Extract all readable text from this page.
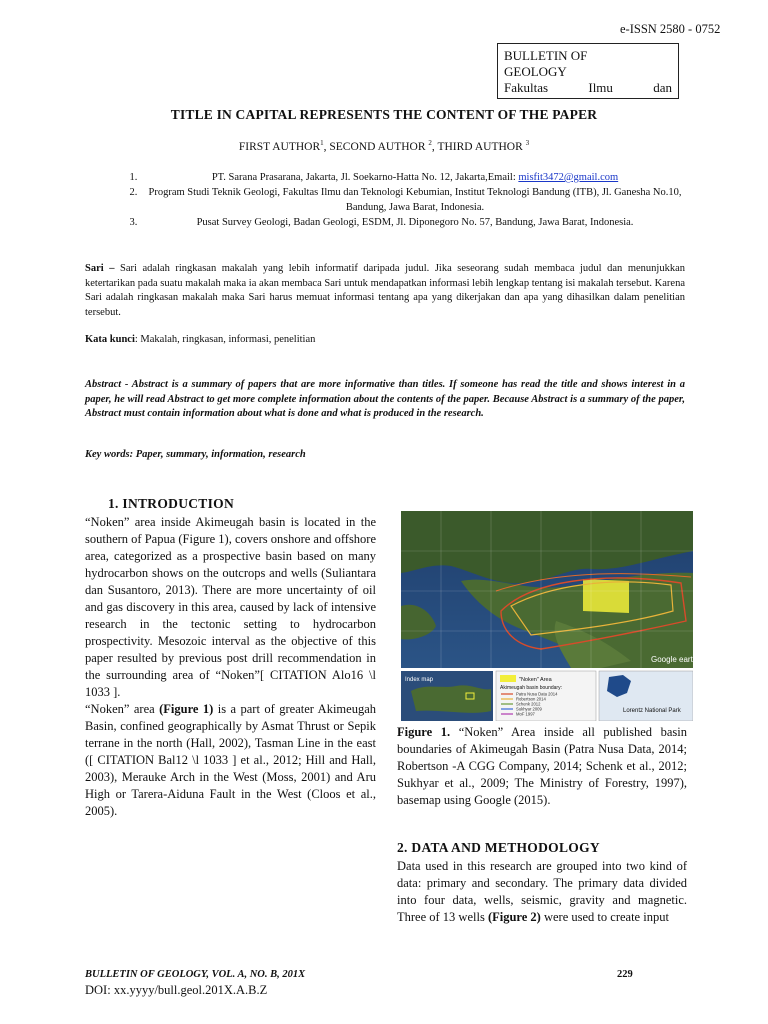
e-ISSN 2580 - 0752
BULLETIN OF
GEOLOGY
Fakultas	Ilmu	dan
TITLE IN CAPITAL REPRESENTS THE CONTENT OF THE PAPER
FIRST AUTHOR$^1$, SECOND AUTHOR $^2$, THIRD AUTHOR $^3$
1. PT. Sarana Prasarana, Jakarta, Jl. Soekarno-Hatta No. 12, Jakarta,Email: misfit3472@gmail.com
2. Program Studi Teknik Geologi, Fakultas Ilmu dan Teknologi Kebumian, Institut Teknologi Bandung (ITB), Jl. Ganesha No.10, Bandung, Jawa Barat, Indonesia.
3. Pusat Survey Geologi, Badan Geologi, ESDM, Jl. Diponegoro No. 57, Bandung, Jawa Barat, Indonesia.
Sari – Sari adalah ringkasan makalah yang lebih informatif daripada judul. Jika seseorang sudah membaca judul dan menunjukkan ketertarikan pada suatu makalah maka ia akan membaca Sari untuk mendapatkan informasi lebih lengkap tentang isi makalah tersebut. Karena Sari adalah ringkasan makalah maka Sari harus memuat informasi tentang apa yang dikerjakan dan apa yang dihasilkan dalam penelitian tersebut.
Kata kunci: Makalah, ringkasan, informasi, penelitian
Abstract - Abstract is a summary of papers that are more informative than titles. If someone has read the title and shows interest in a paper, he will read Abstract to get more complete information about the contents of the paper. Because Abstract is a summary of the paper, Abstract must contain information about what is done and what is produced in the research.
Key words: Paper, summary, information, research
1. INTRODUCTION
“Noken” area inside Akimeugah basin is located in the southern of Papua (Figure 1), covers onshore and offshore area, categorized as a prospective basin based on many hydrocarbon shows on the outcrops and wells (Suliantara dan Susantoro, 2013). There are more uncertainty of oil and gas discovery in this area, caused by lack of intensive research in the tectonic setting to hydrocarbon prospectivity. Mesozoic interval as the objective of this paper resulted by previous post drill recommendation in the surrounding area of “Noken”[ CITATION Alo16 \l 1033 ].
“Noken” area (Figure 1) is a part of greater Akimeugah Basin, confined geographically by Asmat Thrust or Sepik terrane in the north (Hall, 2002), Tasman Line in the east ([ CITATION Bal12 \l 1033 ] et al., 2012; Hill and Hall, 2003), Merauke Arch in the West (Moss, 2001) and Aru High or Tarera-Aiduna Fault in the West (Cloos et al., 2005).
Google earth
Index map	"Noken" Area
Akimeugah basin boundary:
Patra Nusa Data 2014
Robertson 2014
Schenk 2012
Sukhyar 2009
MoF 1997	Lorentz National Park
Figure 1. “Noken” Area inside all published basin boundaries of Akimeugah Basin (Patra Nusa Data, 2014; Robertson -A CGG Company, 2014; Schenk et al., 2012; Sukhyar et al., 2009; The Ministry of Forestry, 1997), basemap using Google (2015).
2. DATA AND METHODOLOGY
Data used in this research are grouped into two kind of data: primary and secondary. The primary data divided into four data, wells, seismic, gravity and magnetic. Three of 13 wells (Figure 2) were used to create input
BULLETIN OF GEOLOGY, VOL. A, NO. B, 201X	229
DOI: xx.yyyy/bull.geol.201X.A.B.Z
